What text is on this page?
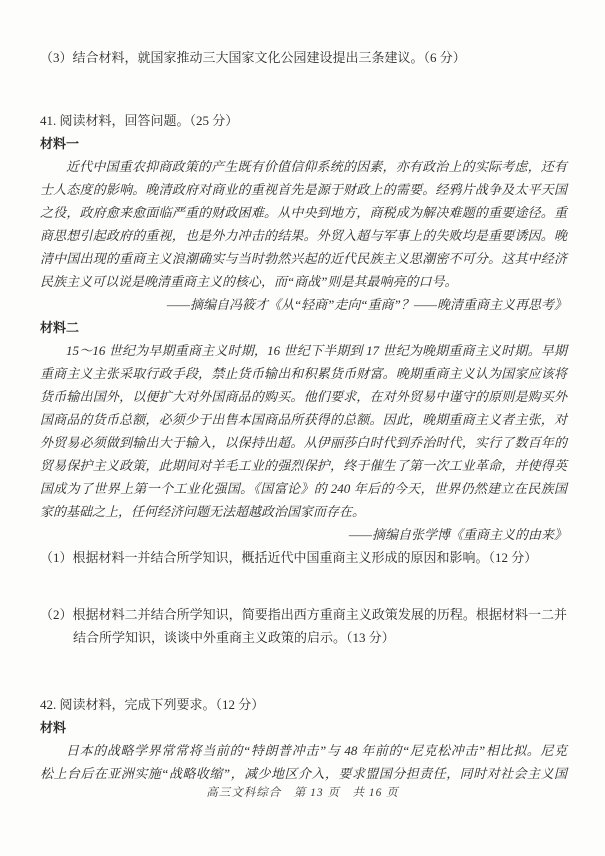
（3）结合材料，就国家推动三大国家文化公园建设提出三条建议。（6 分）
41. 阅读材料，回答问题。（25 分）
材料一
近代中国重农抑商政策的产生既有价值信仰系统的因素，亦有政治上的实际考虑，还有
士人态度的影响。晚清政府对商业的重视首先是源于财政上的需要。经鸦片战争及太平天国
之役，政府愈来愈面临严重的财政困难。从中央到地方，商税成为解决难题的重要途径。重
商思想引起政府的重视，也是外力冲击的结果。外贸入超与军事上的失败均是重要诱因。晚
清中国出现的重商主义浪潮确实与当时勃然兴起的近代民族主义思潮密不可分。这其中经济
民族主义可以说是晚清重商主义的核心，而“商战”则是其最响亮的口号。
——摘编自冯筱才《从“轻商”走向“重商”？——晚清重商主义再思考》
材料二
15～16 世纪为早期重商主义时期，16 世纪下半期到 17 世纪为晚期重商主义时期。早期
重商主义主张采取行政手段，禁止货币输出和积累货币财富。晚期重商主义认为国家应该将
货币输出国外，以便扩大对外国商品的购买。他们要求，在对外贸易中谨守的原则是购买外
国商品的货币总额，必须少于出售本国商品所获得的总额。因此，晚期重商主义者主张，对
外贸易必须做到输出大于输入，以保持出超。从伊丽莎白时代到乔治时代，实行了数百年的
贸易保护主义政策，此期间对羊毛工业的强烈保护，终于催生了第一次工业革命，并使得英
国成为了世界上第一个工业化强国。《国富论》的 240 年后的今天，世界仍然建立在民族国
家的基础之上，任何经济问题无法超越政治国家而存在。
——摘编自张学博《重商主义的由来》
（1）根据材料一并结合所学知识，概括近代中国重商主义形成的原因和影响。（12 分）
（2）根据材料二并结合所学知识，简要指出西方重商主义政策发展的历程。根据材料一二并
结合所学知识，谈谈中外重商主义政策的启示。（13 分）
42. 阅读材料，完成下列要求。（12 分）
材料
日本的战略学界常常将当前的“特朗普冲击”与 48 年前的“尼克松冲击”相比拟。尼克
松上台后在亚洲实施“战略收缩”，减少地区介入，要求盟国分担责任，同时对社会主义国
高三文科综合　第 13 页　共 16 页
